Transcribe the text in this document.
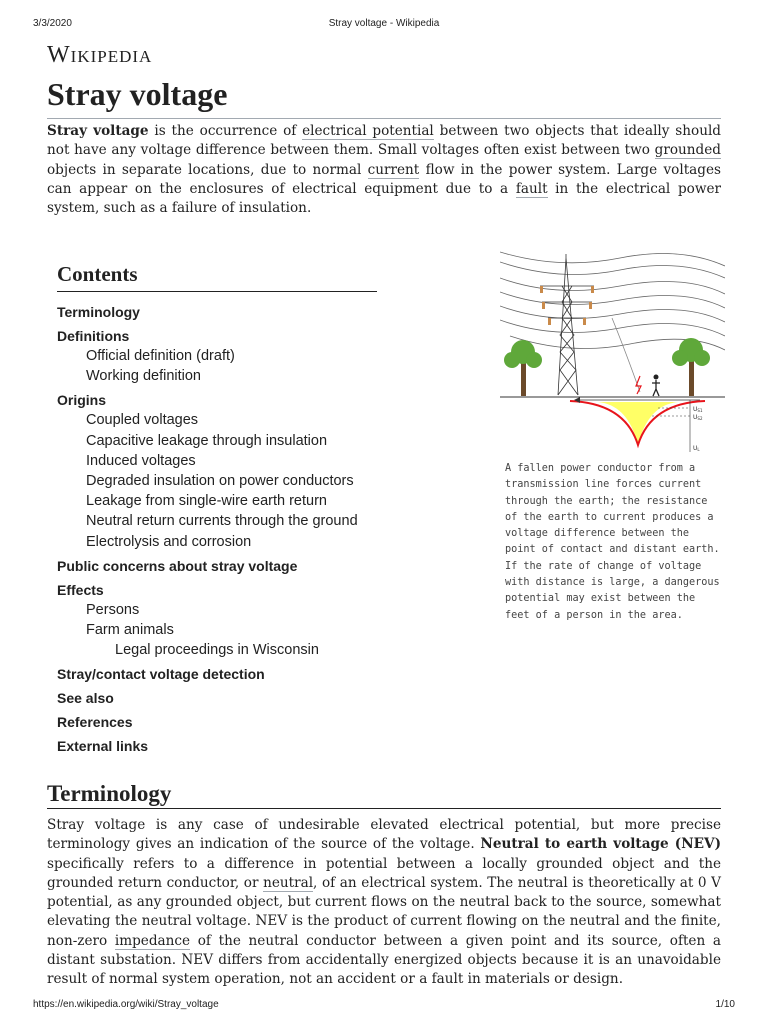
3/3/2020	Stray voltage - Wikipedia
Wikipedia
Stray voltage

Stray voltage is the occurrence of electrical potential between two objects that ideally should not have any voltage difference between them. Small voltages often exist between two grounded objects in separate locations, due to normal current flow in the power system. Large voltages can appear on the enclosures of electrical equipment due to a fault in the electrical power system, such as a failure of insulation.

Contents
Terminology
Definitions
Official definition (draft)
Working definition
Origins
Coupled voltages
Capacitive leakage through insulation
Induced voltages
Degraded insulation on power conductors
Leakage from single-wire earth return
Neutral return currents through the ground
Electrolysis and corrosion
Public concerns about stray voltage
Effects
Persons
Farm animals
Legal proceedings in Wisconsin
Stray/contact voltage detection
See also
References
External links
US1
US2
UL
A fallen power conductor from a transmission line forces current through the earth; the resistance of the earth to current produces a voltage difference between the point of contact and distant earth. If the rate of change of voltage with distance is large, a dangerous potential may exist between the feet of a person in the area.
Terminology

Stray voltage is any case of undesirable elevated electrical potential, but more precise terminology gives an indication of the source of the voltage. Neutral to earth voltage (NEV) specifically refers to a difference in potential between a locally grounded object and the grounded return conductor, or neutral, of an electrical system. The neutral is theoretically at 0 V potential, as any grounded object, but current flows on the neutral back to the source, somewhat elevating the neutral voltage. NEV is the product of current flowing on the neutral and the finite, non-zero impedance of the neutral conductor between a given point and its source, often a distant substation. NEV differs from accidentally energized objects because it is an unavoidable result of normal system operation, not an accident or a fault in materials or design.

https://en.wikipedia.org/wiki/Stray_voltage	1/10
